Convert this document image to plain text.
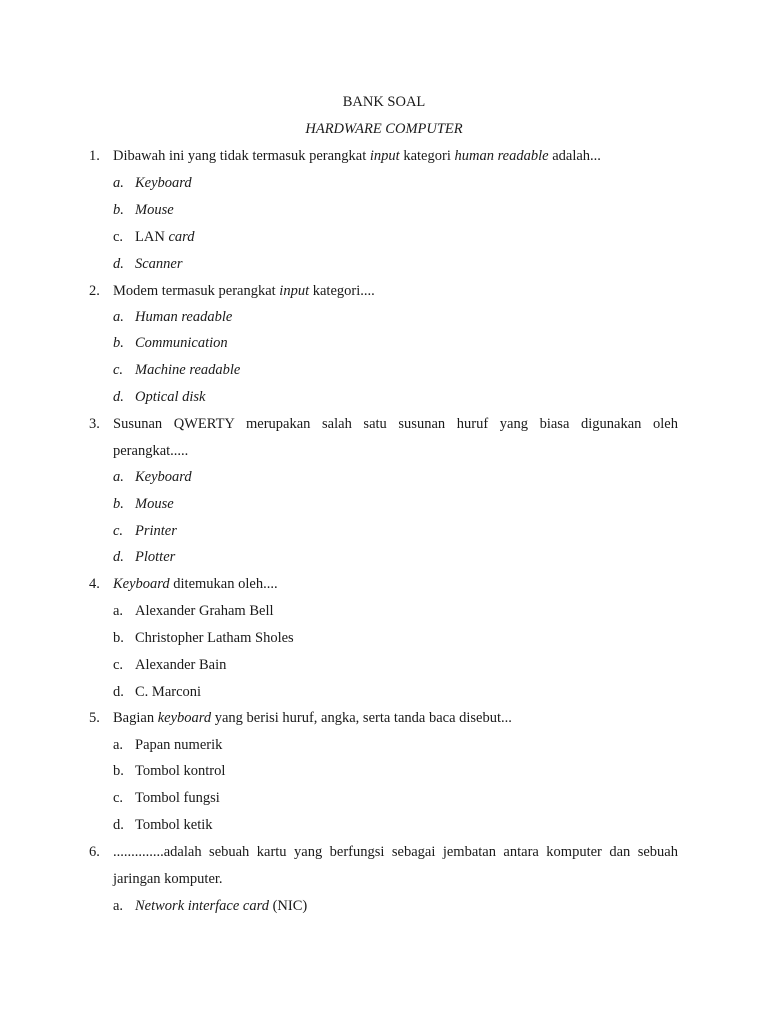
BANK SOAL
HARDWARE COMPUTER
1. Dibawah ini yang tidak termasuk perangkat input kategori human readable adalah...
a. Keyboard
b. Mouse
c. LAN card
d. Scanner
2. Modem termasuk perangkat input kategori....
a. Human readable
b. Communication
c. Machine readable
d. Optical disk
3. Susunan QWERTY merupakan salah satu susunan huruf yang biasa digunakan oleh
perangkat.....
a. Keyboard
b. Mouse
c. Printer
d. Plotter
4. Keyboard ditemukan oleh....
a. Alexander Graham Bell
b. Christopher Latham Sholes
c. Alexander Bain
d. C. Marconi
5. Bagian keyboard yang berisi huruf, angka, serta tanda baca disebut...
a. Papan numerik
b. Tombol kontrol
c. Tombol fungsi
d. Tombol ketik
6. ..............adalah sebuah kartu yang berfungsi sebagai jembatan antara komputer dan sebuah
jaringan komputer.
a. Network interface card (NIC)
